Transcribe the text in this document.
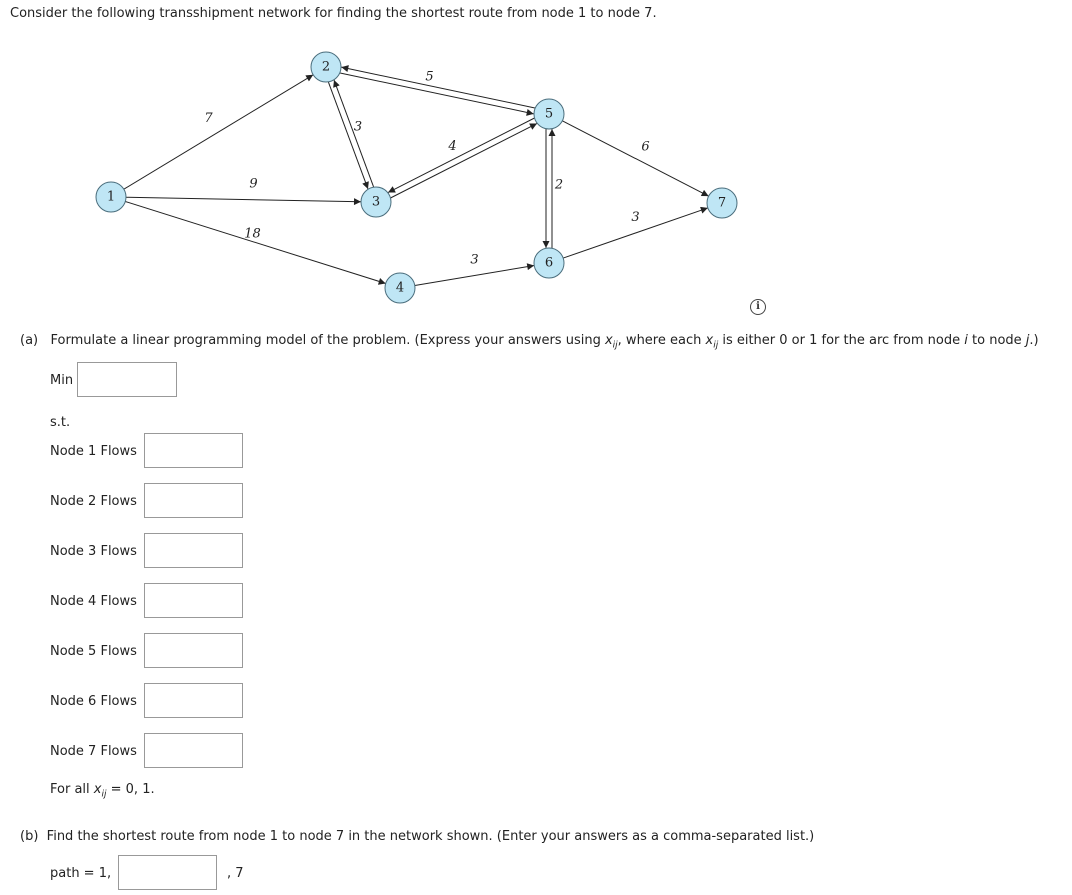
Consider the following transshipment network for finding the shortest route from node 1 to node 7.
7
9
18
3
5
4
3
2
6
3
1
2
3
4
5
6
7
i
(a) Formulate a linear programming model of the problem. (Express your answers using $x_{ij}$, where each $x_{ij}$ is either 0 or 1 for the arc from node i to node j.)
Min
s.t.
Node 1 Flows
Node 2 Flows
Node 3 Flows
Node 4 Flows
Node 5 Flows
Node 6 Flows
Node 7 Flows
For all $x_{ij} = 0$, 1.
(b) Find the shortest route from node 1 to node 7 in the network shown. (Enter your answers as a comma-separated list.)
path = 1,	, 7
